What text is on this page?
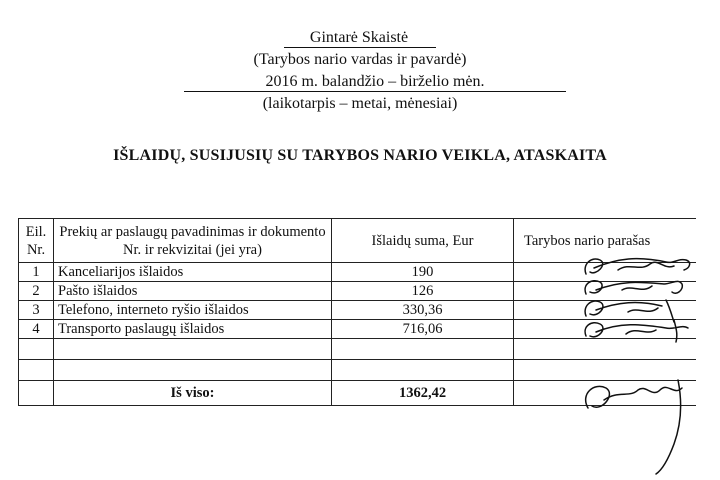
Gintarė Skaistė
(Tarybos nario vardas ir pavardė)
2016 m. balandžio – birželio mėn.
(laikotarpis – metai, mėnesiai)
IŠLAIDŲ, SUSIJUSIŲ SU TARYBOS NARIO VEIKLA, ATASKAITA
Eil. Nr.	Prekių ar paslaugų pavadinimas ir dokumento Nr. ir rekvizitai (jei yra)	Išlaidų suma, Eur	Tarybos nario parašas
1	Kanceliarijos išlaidos	190	
2	Pašto išlaidos	126	
3	Telefono, interneto ryšio išlaidos	330,36	
4	Transporto paslaugų išlaidos	716,06	

	Iš viso:	1362,42	
